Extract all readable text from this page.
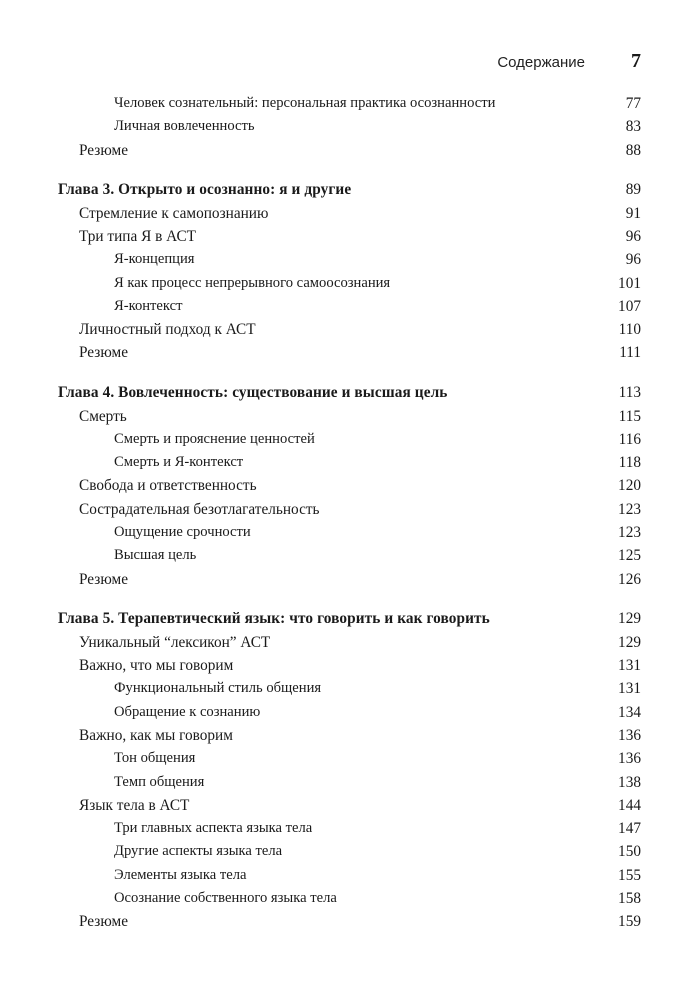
Содержание 7
Человек сознательный: персональная практика осознанности	77
Личная вовлеченность	83
Резюме	88
Глава 3. Открыто и осознанно: я и другие	89
Стремление к самопознанию	91
Три типа Я в АСТ	96
Я-концепция	96
Я как процесс непрерывного самоосознания	101
Я-контекст	107
Личностный подход к АСТ	110
Резюме	111
Глава 4. Вовлеченность: существование и высшая цель	113
Смерть	115
Смерть и прояснение ценностей	116
Смерть и Я-контекст	118
Свобода и ответственность	120
Сострадательная безотлагательность	123
Ощущение срочности	123
Высшая цель	125
Резюме	126
Глава 5. Терапевтический язык: что говорить и как говорить	129
Уникальный “лексикон” АСТ	129
Важно, что мы говорим	131
Функциональный стиль общения	131
Обращение к сознанию	134
Важно, как мы говорим	136
Тон общения	136
Темп общения	138
Язык тела в АСТ	144
Три главных аспекта языка тела	147
Другие аспекты языка тела	150
Элементы языка тела	155
Осознание собственного языка тела	158
Резюме	159
